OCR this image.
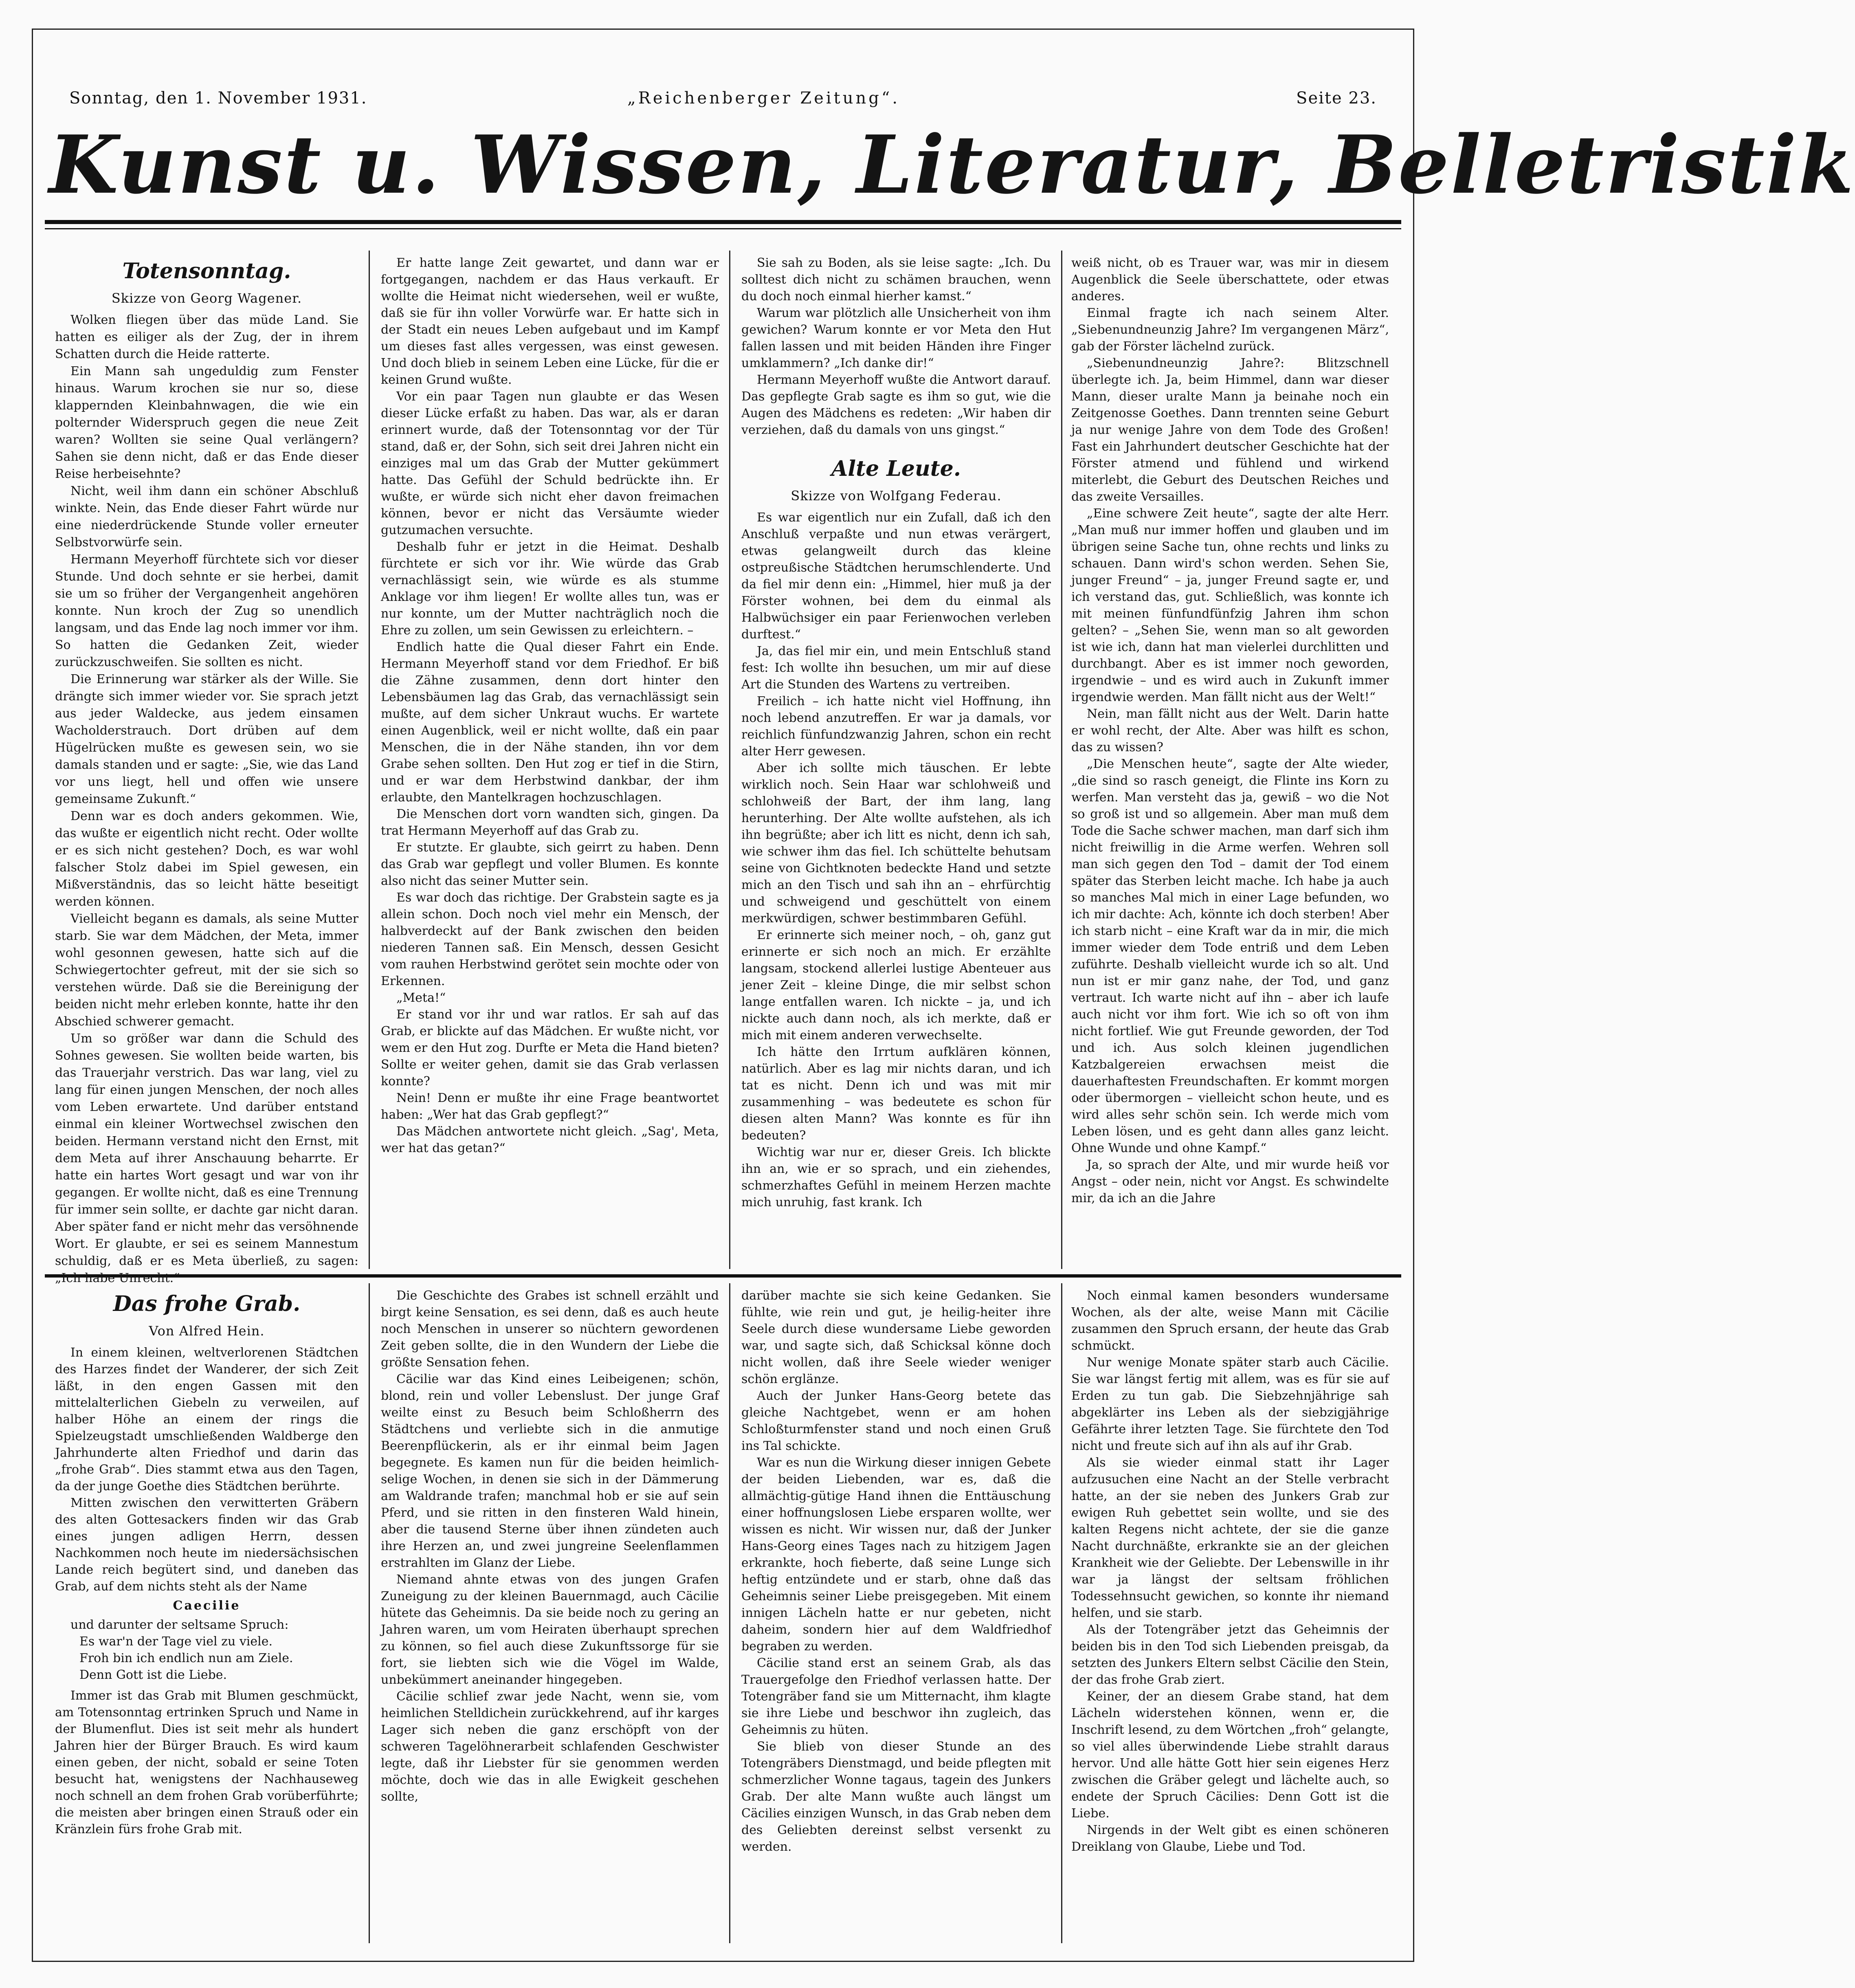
Sonntag, den 1. November 1931.	„Reichenberger Zeitung“.	Seite 23.
Kunst u. Wissen, Literatur, Belletristik
Totensonntag.
Skizze von Georg Wagener.

Wolken fliegen über das müde Land. Sie hatten es eiliger als der Zug, der in ihrem Schatten durch die Heide ratterte.

Ein Mann sah ungeduldig zum Fenster hinaus. Warum krochen sie nur so, diese klappernden Kleinbahnwagen, die wie ein polternder Widerspruch gegen die neue Zeit waren? Wollten sie seine Qual verlängern? Sahen sie denn nicht, daß er das Ende dieser Reise herbeisehnte?

Nicht, weil ihm dann ein schöner Abschluß winkte. Nein, das Ende dieser Fahrt würde nur eine niederdrückende Stunde voller erneuter Selbstvorwürfe sein.

Hermann Meyerhoff fürchtete sich vor dieser Stunde. Und doch sehnte er sie herbei, damit sie um so früher der Vergangenheit angehören konnte. Nun kroch der Zug so unendlich langsam, und das Ende lag noch immer vor ihm. So hatten die Gedanken Zeit, wieder zurückzuschweifen. Sie sollten es nicht.

Die Erinnerung war stärker als der Wille. Sie drängte sich immer wieder vor. Sie sprach jetzt aus jeder Waldecke, aus jedem einsamen Wacholderstrauch. Dort drüben auf dem Hügelrücken mußte es gewesen sein, wo sie damals standen und er sagte: „Sie, wie das Land vor uns liegt, hell und offen wie unsere gemeinsame Zukunft.“

Denn war es doch anders gekommen. Wie, das wußte er eigentlich nicht recht. Oder wollte er es sich nicht gestehen? Doch, es war wohl falscher Stolz dabei im Spiel gewesen, ein Mißverständnis, das so leicht hätte beseitigt werden können.

Vielleicht begann es damals, als seine Mutter starb. Sie war dem Mädchen, der Meta, immer wohl gesonnen gewesen, hatte sich auf die Schwiegertochter gefreut, mit der sie sich so verstehen würde. Daß sie die Bereinigung der beiden nicht mehr erleben konnte, hatte ihr den Abschied schwerer gemacht.

Um so größer war dann die Schuld des Sohnes gewesen. Sie wollten beide warten, bis das Trauerjahr verstrich. Das war lang, viel zu lang für einen jungen Menschen, der noch alles vom Leben erwartete. Und darüber entstand einmal ein kleiner Wortwechsel zwischen den beiden. Hermann verstand nicht den Ernst, mit dem Meta auf ihrer Anschauung beharrte. Er hatte ein hartes Wort gesagt und war von ihr gegangen. Er wollte nicht, daß es eine Trennung für immer sein sollte, er dachte gar nicht daran. Aber später fand er nicht mehr das versöhnende Wort. Er glaubte, er sei es seinem Mannestum schuldig, daß er es Meta überließ, zu sagen: „Ich habe Unrecht.“

Er hatte lange Zeit gewartet, und dann war er fortgegangen, nachdem er das Haus verkauft. Er wollte die Heimat nicht wiedersehen, weil er wußte, daß sie für ihn voller Vorwürfe war. Er hatte sich in der Stadt ein neues Leben aufgebaut und im Kampf um dieses fast alles vergessen, was einst gewesen. Und doch blieb in seinem Leben eine Lücke, für die er keinen Grund wußte.

Vor ein paar Tagen nun glaubte er das Wesen dieser Lücke erfaßt zu haben. Das war, als er daran erinnert wurde, daß der Totensonntag vor der Tür stand, daß er, der Sohn, sich seit drei Jahren nicht ein einziges mal um das Grab der Mutter gekümmert hatte. Das Gefühl der Schuld bedrückte ihn. Er wußte, er würde sich nicht eher davon freimachen können, bevor er nicht das Versäumte wieder gutzumachen versuchte.

Deshalb fuhr er jetzt in die Heimat. Deshalb fürchtete er sich vor ihr. Wie würde das Grab vernachlässigt sein, wie würde es als stumme Anklage vor ihm liegen! Er wollte alles tun, was er nur konnte, um der Mutter nachträglich noch die Ehre zu zollen, um sein Gewissen zu erleichtern. –

Endlich hatte die Qual dieser Fahrt ein Ende. Hermann Meyerhoff stand vor dem Friedhof. Er biß die Zähne zusammen, denn dort hinter den Lebensbäumen lag das Grab, das vernachlässigt sein mußte, auf dem sicher Unkraut wuchs. Er wartete einen Augenblick, weil er nicht wollte, daß ein paar Menschen, die in der Nähe standen, ihn vor dem Grabe sehen sollten. Den Hut zog er tief in die Stirn, und er war dem Herbstwind dankbar, der ihm erlaubte, den Mantelkragen hochzuschlagen.

Die Menschen dort vorn wandten sich, gingen. Da trat Hermann Meyerhoff auf das Grab zu.

Er stutzte. Er glaubte, sich geirrt zu haben. Denn das Grab war gepflegt und voller Blumen. Es konnte also nicht das seiner Mutter sein.

Es war doch das richtige. Der Grabstein sagte es ja allein schon. Doch noch viel mehr ein Mensch, der halbverdeckt auf der Bank zwischen den beiden niederen Tannen saß. Ein Mensch, dessen Gesicht vom rauhen Herbstwind gerötet sein mochte oder von Erkennen.

„Meta!“

Er stand vor ihr und war ratlos. Er sah auf das Grab, er blickte auf das Mädchen. Er wußte nicht, vor wem er den Hut zog. Durfte er Meta die Hand bieten? Sollte er weiter gehen, damit sie das Grab verlassen konnte?

Nein! Denn er mußte ihr eine Frage beantwortet haben: „Wer hat das Grab gepflegt?“

Das Mädchen antwortete nicht gleich. „Sag', Meta, wer hat das getan?“

Sie sah zu Boden, als sie leise sagte: „Ich. Du solltest dich nicht zu schämen brauchen, wenn du doch noch einmal hierher kamst.“

Warum war plötzlich alle Unsicherheit von ihm gewichen? Warum konnte er vor Meta den Hut fallen lassen und mit beiden Händen ihre Finger umklammern? „Ich danke dir!“

Hermann Meyerhoff wußte die Antwort darauf. Das gepflegte Grab sagte es ihm so gut, wie die Augen des Mädchens es redeten: „Wir haben dir verziehen, daß du damals von uns gingst.“

Alte Leute.
Skizze von Wolfgang Federau.

Es war eigentlich nur ein Zufall, daß ich den Anschluß verpaßte und nun etwas verärgert, etwas gelangweilt durch das kleine ostpreußische Städtchen herumschlenderte. Und da fiel mir denn ein: „Himmel, hier muß ja der Förster wohnen, bei dem du einmal als Halbwüchsiger ein paar Ferienwochen verleben durftest.“

Ja, das fiel mir ein, und mein Entschluß stand fest: Ich wollte ihn besuchen, um mir auf diese Art die Stunden des Wartens zu vertreiben.

Freilich – ich hatte nicht viel Hoffnung, ihn noch lebend anzutreffen. Er war ja damals, vor reichlich fünfundzwanzig Jahren, schon ein recht alter Herr gewesen.

Aber ich sollte mich täuschen. Er lebte wirklich noch. Sein Haar war schlohweiß und schlohweiß der Bart, der ihm lang, lang herunterhing. Der Alte wollte aufstehen, als ich ihn begrüßte; aber ich litt es nicht, denn ich sah, wie schwer ihm das fiel. Ich schüttelte behutsam seine von Gichtknoten bedeckte Hand und setzte mich an den Tisch und sah ihn an – ehrfürchtig und schweigend und geschüttelt von einem merkwürdigen, schwer bestimmbaren Gefühl.

Er erinnerte sich meiner noch, – oh, ganz gut erinnerte er sich noch an mich. Er erzählte langsam, stockend allerlei lustige Abenteuer aus jener Zeit – kleine Dinge, die mir selbst schon lange entfallen waren. Ich nickte – ja, und ich nickte auch dann noch, als ich merkte, daß er mich mit einem anderen verwechselte.

Ich hätte den Irrtum aufklären können, natürlich. Aber es lag mir nichts daran, und ich tat es nicht. Denn ich und was mit mir zusammenhing – was bedeutete es schon für diesen alten Mann? Was konnte es für ihn bedeuten?

Wichtig war nur er, dieser Greis. Ich blickte ihn an, wie er so sprach, und ein ziehendes, schmerzhaftes Gefühl in meinem Herzen machte mich unruhig, fast krank. Ich

weiß nicht, ob es Trauer war, was mir in diesem Augenblick die Seele überschattete, oder etwas anderes.

Einmal fragte ich nach seinem Alter. „Siebenundneunzig Jahre? Im vergangenen März“, gab der Förster lächelnd zurück.

„Siebenundneunzig Jahre?: Blitzschnell überlegte ich. Ja, beim Himmel, dann war dieser Mann, dieser uralte Mann ja beinahe noch ein Zeitgenosse Goethes. Dann trennten seine Geburt ja nur wenige Jahre von dem Tode des Großen! Fast ein Jahrhundert deutscher Geschichte hat der Förster atmend und fühlend und wirkend miterlebt, die Geburt des Deutschen Reiches und das zweite Versailles.

„Eine schwere Zeit heute“, sagte der alte Herr. „Man muß nur immer hoffen und glauben und im übrigen seine Sache tun, ohne rechts und links zu schauen. Dann wird's schon werden. Sehen Sie, junger Freund“ – ja, junger Freund sagte er, und ich verstand das, gut. Schließlich, was konnte ich mit meinen fünfundfünfzig Jahren ihm schon gelten? – „Sehen Sie, wenn man so alt geworden ist wie ich, dann hat man vielerlei durchlitten und durchbangt. Aber es ist immer noch geworden, irgendwie – und es wird auch in Zukunft immer irgendwie werden. Man fällt nicht aus der Welt!“

Nein, man fällt nicht aus der Welt. Darin hatte er wohl recht, der Alte. Aber was hilft es schon, das zu wissen?

„Die Menschen heute“, sagte der Alte wieder, „die sind so rasch geneigt, die Flinte ins Korn zu werfen. Man versteht das ja, gewiß – wo die Not so groß ist und so allgemein. Aber man muß dem Tode die Sache schwer machen, man darf sich ihm nicht freiwillig in die Arme werfen. Wehren soll man sich gegen den Tod – damit der Tod einem später das Sterben leicht mache. Ich habe ja auch so manches Mal mich in einer Lage befunden, wo ich mir dachte: Ach, könnte ich doch sterben! Aber ich starb nicht – eine Kraft war da in mir, die mich immer wieder dem Tode entriß und dem Leben zuführte. Deshalb vielleicht wurde ich so alt. Und nun ist er mir ganz nahe, der Tod, und ganz vertraut. Ich warte nicht auf ihn – aber ich laufe auch nicht vor ihm fort. Wie ich so oft von ihm nicht fortlief. Wie gut Freunde geworden, der Tod und ich. Aus solch kleinen jugendlichen Katzbalgereien erwachsen meist die dauerhaftesten Freundschaften. Er kommt morgen oder übermorgen – vielleicht schon heute, und es wird alles sehr schön sein. Ich werde mich vom Leben lösen, und es geht dann alles ganz leicht. Ohne Wunde und ohne Kampf.“

Ja, so sprach der Alte, und mir wurde heiß vor Angst – oder nein, nicht vor Angst. Es schwindelte mir, da ich an die Jahre

Das frohe Grab.
Von Alfred Hein.

In einem kleinen, weltverlorenen Städtchen des Harzes findet der Wanderer, der sich Zeit läßt, in den engen Gassen mit den mittelalterlichen Giebeln zu verweilen, auf halber Höhe an einem der rings die Spielzeugstadt umschließenden Waldberge den Jahrhunderte alten Friedhof und darin das „frohe Grab“. Dies stammt etwa aus den Tagen, da der junge Goethe dies Städtchen berührte.

Mitten zwischen den verwitterten Gräbern des alten Gottesackers finden wir das Grab eines jungen adligen Herrn, dessen Nachkommen noch heute im niedersächsischen Lande reich begütert sind, und daneben das Grab, auf dem nichts steht als der Name

Caecilie

und darunter der seltsame Spruch:

Es war'n der Tage viel zu viele.

Froh bin ich endlich nun am Ziele.

Denn Gott ist die Liebe.

Immer ist das Grab mit Blumen geschmückt, am Totensonntag ertrinken Spruch und Name in der Blumenflut. Dies ist seit mehr als hundert Jahren hier der Bürger Brauch. Es wird kaum einen geben, der nicht, sobald er seine Toten besucht hat, wenigstens der Nachhauseweg noch schnell an dem frohen Grab vorüberführte; die meisten aber bringen einen Strauß oder ein Kränzlein fürs frohe Grab mit.

Die Geschichte des Grabes ist schnell erzählt und birgt keine Sensation, es sei denn, daß es auch heute noch Menschen in unserer so nüchtern gewordenen Zeit geben sollte, die in den Wundern der Liebe die größte Sensation fehen.

Cäcilie war das Kind eines Leibeigenen; schön, blond, rein und voller Lebenslust. Der junge Graf weilte einst zu Besuch beim Schloßherrn des Städtchens und verliebte sich in die anmutige Beerenpflückerin, als er ihr einmal beim Jagen begegnete. Es kamen nun für die beiden heimlich-selige Wochen, in denen sie sich in der Dämmerung am Waldrande trafen; manchmal hob er sie auf sein Pferd, und sie ritten in den finsteren Wald hinein, aber die tausend Sterne über ihnen zündeten auch ihre Herzen an, und zwei jungreine Seelenflammen erstrahlten im Glanz der Liebe.

Niemand ahnte etwas von des jungen Grafen Zuneigung zu der kleinen Bauernmagd, auch Cäcilie hütete das Geheimnis. Da sie beide noch zu gering an Jahren waren, um vom Heiraten überhaupt sprechen zu können, so fiel auch diese Zukunftssorge für sie fort, sie liebten sich wie die Vögel im Walde, unbekümmert aneinander hingegeben.

Cäcilie schlief zwar jede Nacht, wenn sie, vom heimlichen Stelldichein zurückkehrend, auf ihr karges Lager sich neben die ganz erschöpft von der schweren Tagelöhnerarbeit schlafenden Geschwister legte, daß ihr Liebster für sie genommen werden möchte, doch wie das in alle Ewigkeit geschehen sollte,

darüber machte sie sich keine Gedanken. Sie fühlte, wie rein und gut, je heilig-heiter ihre Seele durch diese wundersame Liebe geworden war, und sagte sich, daß Schicksal könne doch nicht wollen, daß ihre Seele wieder weniger schön erglänze.

Auch der Junker Hans-Georg betete das gleiche Nachtgebet, wenn er am hohen Schloßturmfenster stand und noch einen Gruß ins Tal schickte.

War es nun die Wirkung dieser innigen Gebete der beiden Liebenden, war es, daß die allmächtig-gütige Hand ihnen die Enttäuschung einer hoffnungslosen Liebe ersparen wollte, wer wissen es nicht. Wir wissen nur, daß der Junker Hans-Georg eines Tages nach zu hitzigem Jagen erkrankte, hoch fieberte, daß seine Lunge sich heftig entzündete und er starb, ohne daß das Geheimnis seiner Liebe preisgegeben. Mit einem innigen Lächeln hatte er nur gebeten, nicht daheim, sondern hier auf dem Waldfriedhof begraben zu werden.

Cäcilie stand erst an seinem Grab, als das Trauergefolge den Friedhof verlassen hatte. Der Totengräber fand sie um Mitternacht, ihm klagte sie ihre Liebe und beschwor ihn zugleich, das Geheimnis zu hüten.

Sie blieb von dieser Stunde an des Totengräbers Dienstmagd, und beide pflegten mit schmerzlicher Wonne tagaus, tagein des Junkers Grab. Der alte Mann wußte auch längst um Cäcilies einzigen Wunsch, in das Grab neben dem des Geliebten dereinst selbst versenkt zu werden.

Noch einmal kamen besonders wundersame Wochen, als der alte, weise Mann mit Cäcilie zusammen den Spruch ersann, der heute das Grab schmückt.

Nur wenige Monate später starb auch Cäcilie. Sie war längst fertig mit allem, was es für sie auf Erden zu tun gab. Die Siebzehnjährige sah abgeklärter ins Leben als der siebzigjährige Gefährte ihrer letzten Tage. Sie fürchtete den Tod nicht und freute sich auf ihn als auf ihr Grab.

Als sie wieder einmal statt ihr Lager aufzusuchen eine Nacht an der Stelle verbracht hatte, an der sie neben des Junkers Grab zur ewigen Ruh gebettet sein wollte, und sie des kalten Regens nicht achtete, der sie die ganze Nacht durchnäßte, erkrankte sie an der gleichen Krankheit wie der Geliebte. Der Lebenswille in ihr war ja längst der seltsam fröhlichen Todessehnsucht gewichen, so konnte ihr niemand helfen, und sie starb.

Als der Totengräber jetzt das Geheimnis der beiden bis in den Tod sich Liebenden preisgab, da setzten des Junkers Eltern selbst Cäcilie den Stein, der das frohe Grab ziert.

Keiner, der an diesem Grabe stand, hat dem Lächeln widerstehen können, wenn er, die Inschrift lesend, zu dem Wörtchen „froh“ gelangte, so viel alles überwindende Liebe strahlt daraus hervor. Und alle hätte Gott hier sein eigenes Herz zwischen die Gräber gelegt und lächelte auch, so endete der Spruch Cäcilies: Denn Gott ist die Liebe.

Nirgends in der Welt gibt es einen schöneren Dreiklang von Glaube, Liebe und Tod.
